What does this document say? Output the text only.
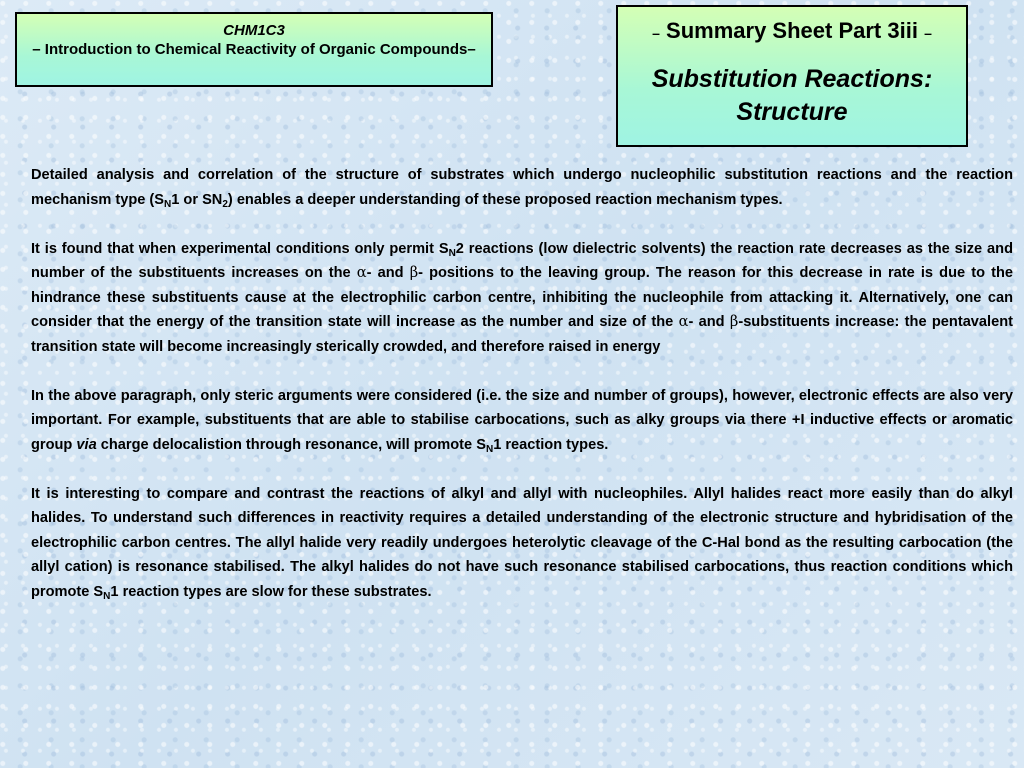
CHM1C3
– Introduction to Chemical Reactivity of Organic Compounds–
– Summary Sheet Part 3iii –
Substitution Reactions:
Structure

Detailed analysis and correlation of the structure of substrates which undergo nucleophilic substitution reactions and the reaction mechanism type ($S_N1$ or $SN_2$) enables a deeper understanding of these proposed reaction mechanism types.

It is found that when experimental conditions only permit $S_N2$ reactions (low dielectric solvents) the reaction rate decreases as the size and number of the substituents increases on the α- and β- positions to the leaving group. The reason for this decrease in rate is due to the hindrance these substituents cause at the electrophilic carbon centre, inhibiting the nucleophile from attacking it. Alternatively, one can consider that the energy of the transition state will increase as the number and size of the α- and β-substituents increase: the pentavalent transition state will become increasingly sterically crowded, and therefore raised in energy

In the above paragraph, only steric arguments were considered (i.e. the size and number of groups), however, electronic effects are also very important. For example, substituents that are able to stabilise carbocations, such as alky groups via there +I inductive effects or aromatic group via charge delocalistion through resonance, will promote $S_N1$ reaction types.

It is interesting to compare and contrast the reactions of alkyl and allyl with nucleophiles. Allyl halides react more easily than do alkyl halides. To understand such differences in reactivity requires a detailed understanding of the electronic structure and hybridisation of the electrophilic carbon centres. The allyl halide very readily undergoes heterolytic cleavage of the C-Hal bond as the resulting carbocation (the allyl cation) is resonance stabilised. The alkyl halides do not have such resonance stabilised carbocations, thus reaction conditions which promote $S_N1$ reaction types are slow for these substrates.
